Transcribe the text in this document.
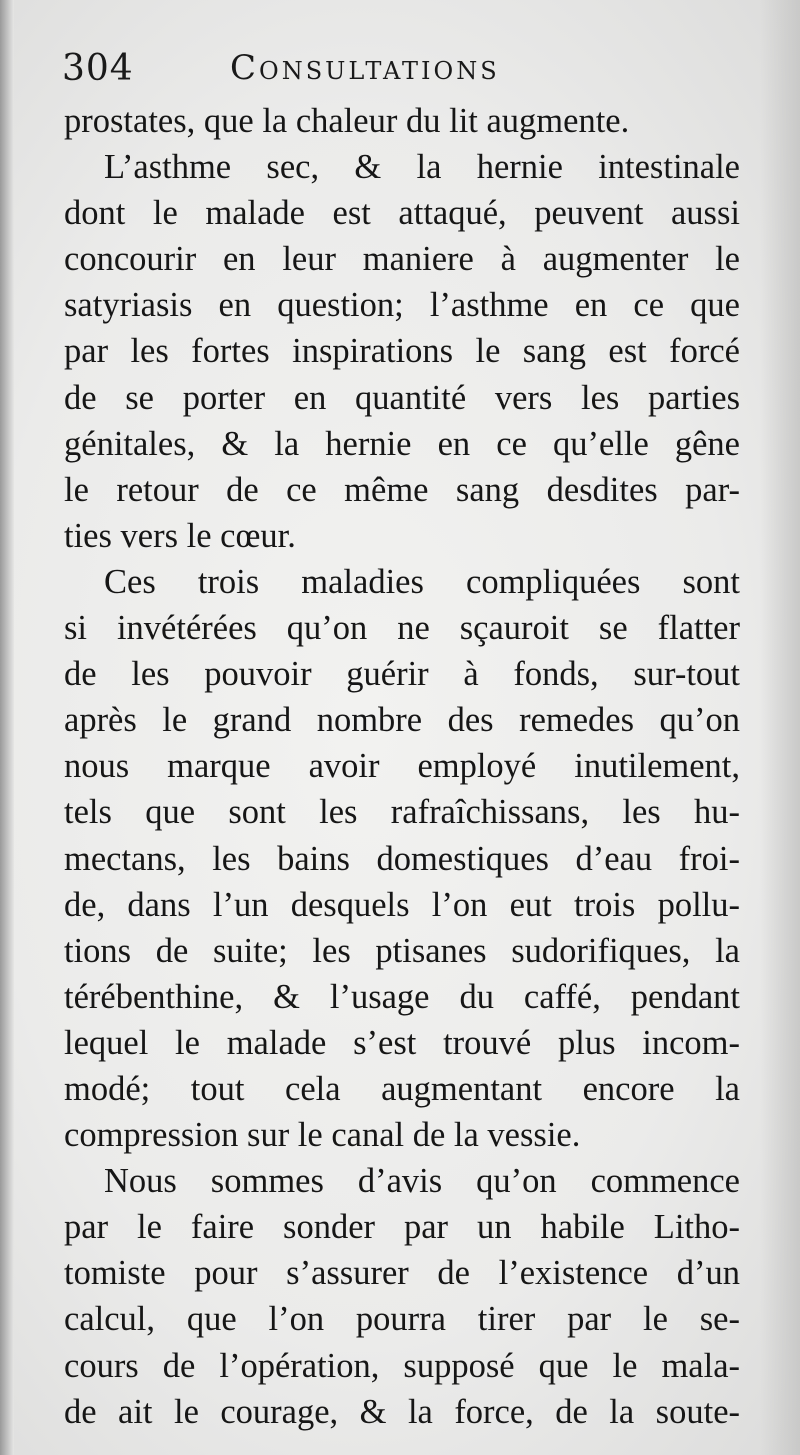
304	Consultations
prostates, que la chaleur du lit augmente.
L’asthme sec, & la hernie intestinale
dont le malade est attaqué, peuvent aussi
concourir en leur maniere à augmenter le
satyriasis en question; l’asthme en ce que
par les fortes inspirations le sang est forcé
de se porter en quantité vers les parties
génitales, & la hernie en ce qu’elle gêne
le retour de ce même sang desdites par-
ties vers le cœur.
Ces trois maladies compliquées sont
si invétérées qu’on ne sçauroit se flatter
de les pouvoir guérir à fonds, sur-tout
après le grand nombre des remedes qu’on
nous marque avoir employé inutilement,
tels que sont les rafraîchissans, les hu-
mectans, les bains domestiques d’eau froi-
de, dans l’un desquels l’on eut trois pollu-
tions de suite; les ptisanes sudorifiques, la
térébenthine, & l’usage du caffé, pendant
lequel le malade s’est trouvé plus incom-
modé; tout cela augmentant encore la
compression sur le canal de la vessie.
Nous sommes d’avis qu’on commence
par le faire sonder par un habile Litho-
tomiste pour s’assurer de l’existence d’un
calcul, que l’on pourra tirer par le se-
cours de l’opération, supposé que le mala-
de ait le courage, & la force, de la soute-
